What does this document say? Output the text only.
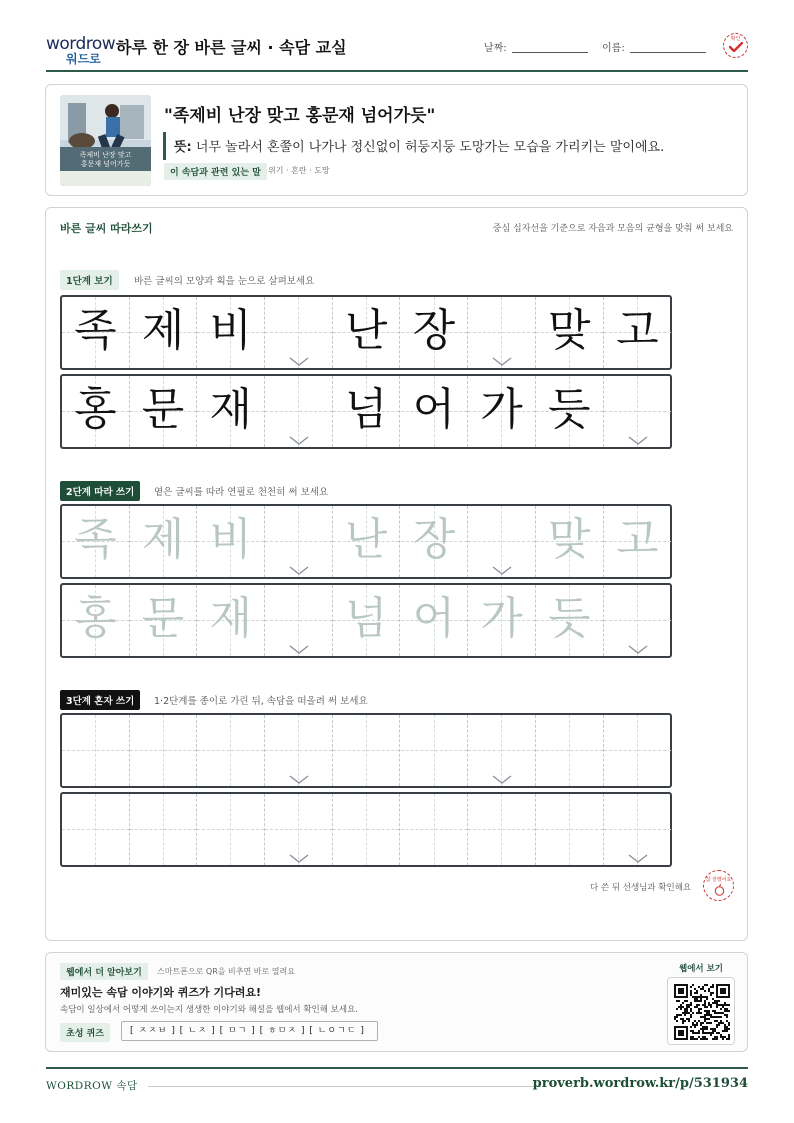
wordrow
워드로
하루 한 장 바른 글씨 · 속담 교실	날짜:	이름:
확인
족제비 난장 맞고
홍문재 넘어가듯
"족제비 난장 맞고 홍문재 넘어가듯"
뜻: 너무 놀라서 혼쭐이 나가나 정신없이 허둥지둥 도망가는 모습을 가리키는 말이에요.
이 속담과 관련 있는 말 위기 · 혼란 · 도망
바른 글씨 따라쓰기	중심 십자선을 기준으로 자음과 모음의 균형을 맞춰 써 보세요
1단계 보기	바른 글씨의 모양과 획을 눈으로 살펴보세요
2단계 따라 쓰기	옅은 글씨를 따라 연필로 천천히 써 보세요
3단계 혼자 쓰기	1·2단계를 종이로 가린 뒤, 속담을 떠올려 써 보세요
족 제 비 난 장 맞 고
홍 문 재 넘 어 가 듯
족 제 비 난 장 맞 고
홍 문 재 넘 어 가 듯
다 쓴 뒤 선생님과 확인해요
참 잘했어요
웹에서 더 알아보기	스마트폰으로 QR을 비추면 바로 열려요
재미있는 속담 이야기와 퀴즈가 기다려요!
속담이 일상에서 어떻게 쓰이는지 생생한 이야기와 해설을 웹에서 확인해 보세요.
초성 퀴즈	[ ㅈㅈㅂ ] [ ㄴㅈ ] [ ㅁㄱ ] [ ㅎㅁㅈ ] [ ㄴㅇㄱㄷ ]
웹에서 보기
WORDROW 속담	proverb.wordrow.kr/p/531934
